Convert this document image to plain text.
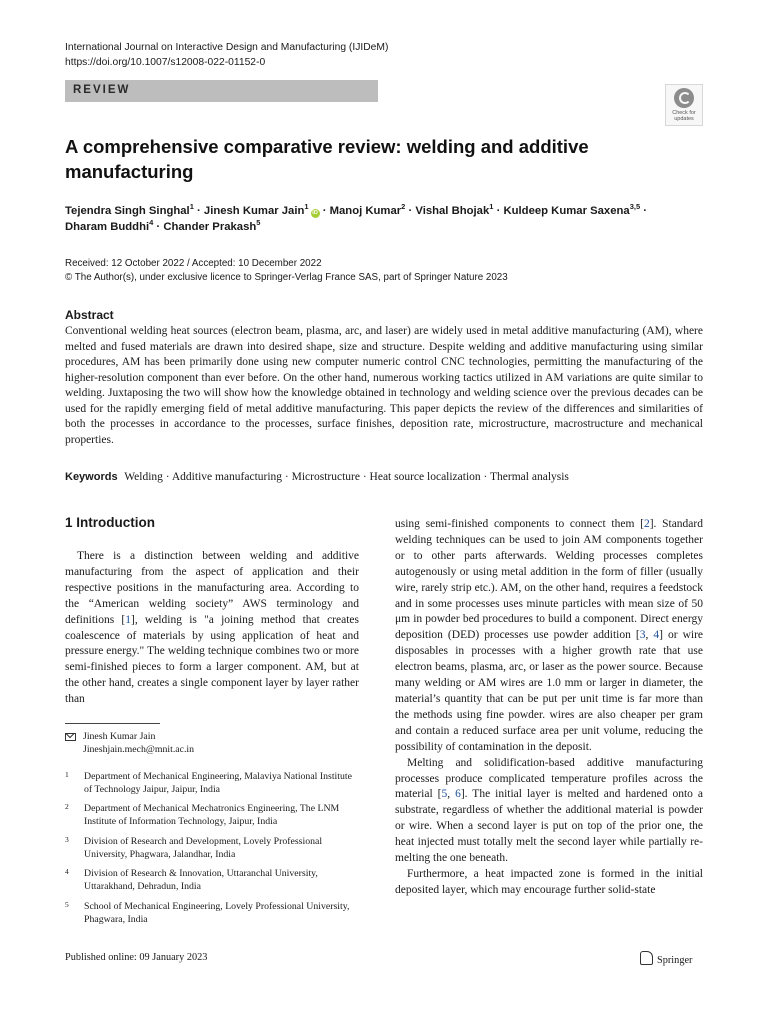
International Journal on Interactive Design and Manufacturing (IJIDeM)
https://doi.org/10.1007/s12008-022-01152-0
REVIEW
Check for
updates
A comprehensive comparative review: welding and additive manufacturing
Tejendra Singh Singhal$^1$ · Jinesh Kumar Jain$^1$iD · Manoj Kumar$^2$ · Vishal Bhojak$^1$ · Kuldeep Kumar Saxena$^{3,5}$ ·
Dharam Buddhi$^4$ · Chander Prakash$^5$
Received: 12 October 2022 / Accepted: 10 December 2022
© The Author(s), under exclusive licence to Springer-Verlag France SAS, part of Springer Nature 2023
Abstract
Conventional welding heat sources (electron beam, plasma, arc, and laser) are widely used in metal additive manufacturing (AM), where melted and fused materials are drawn into desired shape, size and structure. Despite welding and additive manufacturing using similar procedures, AM has been primarily done using new computer numeric control CNC technologies, permitting the manufacturing of the higher-resolution component than ever before. On the other hand, numerous working tactics utilized in AM variations are quite similar to welding. Juxtaposing the two will show how the knowledge obtained in technology and welding science over the previous decades can be used for the rapidly emerging field of metal additive manufacturing. This paper depicts the review of the differences and similarities of both the processes in accordance to the processes, surface finishes, deposition rate, microstructure, macrostructure and mechanical properties.
Keywords Welding · Additive manufacturing · Microstructure · Heat source localization · Thermal analysis
1 Introduction

There is a distinction between welding and additive manufacturing from the aspect of application and their respective positions in the manufacturing area. According to the “American welding society” AWS terminology and definitions [1], welding is "a joining method that creates coalescence of materials by using application of heat and pressure energy." The welding technique combines two or more semi-finished pieces to form a larger component. AM, but at the other hand, creates a single component layer by layer rather than

using semi-finished components to connect them [2]. Standard welding techniques can be used to join AM components together or to other parts afterwards. Welding processes completes autogenously or using metal addition in the form of filler (usually wire, rarely strip etc.). AM, on the other hand, requires a feedstock and in some processes uses minute particles with mean size of 50 μm in powder bed procedures to build a component. Direct energy deposition (DED) processes use powder addition [3, 4] or wire disposables in processes with a higher growth rate that use electron beams, plasma, arc, or laser as the power source. Because many welding or AM wires are 1.0 mm or larger in diameter, the material’s quantity that can be put per unit time is far more than the methods using fine powder. wires are also cheaper per gram and contain a reduced surface area per unit volume, reducing the possibility of contamination in the deposit.

Melting and solidification-based additive manufacturing processes produce complicated temperature profiles across the material [5, 6]. The initial layer is melted and hardened onto a substrate, regardless of whether the additional material is powder or wire. When a second layer is put on top of the prior one, the heat injected must totally melt the second layer while partially re-melting the one beneath.

Furthermore, a heat impacted zone is formed in the initial deposited layer, which may encourage further solid-state

Jinesh Kumar Jain
Jineshjain.mech@mnit.ac.in
1 Department of Mechanical Engineering, Malaviya National Institute of Technology Jaipur, Jaipur, India
2 Department of Mechanical Mechatronics Engineering, The LNM Institute of Information Technology, Jaipur, India
3 Division of Research and Development, Lovely Professional University, Phagwara, Jalandhar, India
4 Division of Research & Innovation, Uttaranchal University, Uttarakhand, Dehradun, India
5 School of Mechanical Engineering, Lovely Professional University, Phagwara, India
Published online: 09 January 2023	Springer
